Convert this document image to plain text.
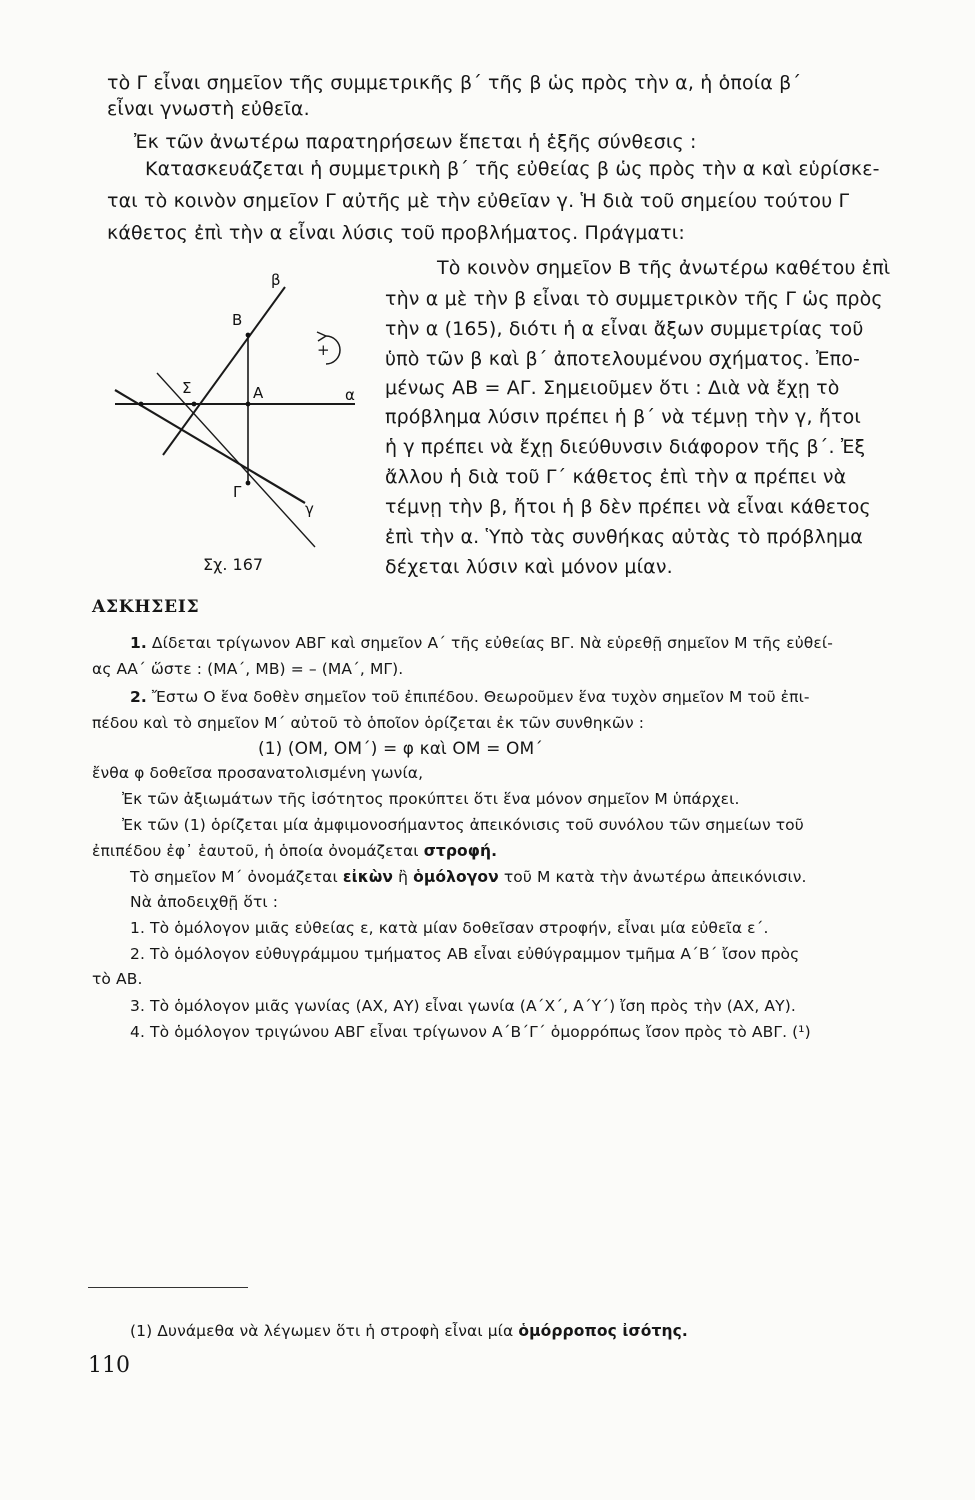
τὸ Γ εἶναι σημεῖον τῆς συμμετρικῆς β΄ τῆς β ὡς πρὸς τὴν α, ἡ ὁποία β΄
εἶναι γνωστὴ εὐθεῖα.
Ἐκ τῶν ἀνωτέρω παρατηρήσεων ἕπεται ἡ ἑξῆς σύνθεσις :
Κατασκευάζεται ἡ συμμετρικὴ β΄ τῆς εὐθείας β ὡς πρὸς τὴν α καὶ εὑρίσκε-
ται τὸ κοινὸν σημεῖον Γ αὐτῆς μὲ τὴν εὐθεῖαν γ. Ἡ διὰ τοῦ σημείου τούτου Γ
κάθετος ἐπὶ τὴν α εἶναι λύσις τοῦ προβλήματος. Πράγματι:
Τὸ κοινὸν σημεῖον Β τῆς ἀνωτέρω καθέτου ἐπὶ
τὴν α μὲ τὴν β εἶναι τὸ συμμετρικὸν τῆς Γ ὡς πρὸς
τὴν α (165), διότι ἡ α εἶναι ἄξων συμμετρίας τοῦ
ὑπὸ τῶν β καὶ β΄ ἀποτελουμένου σχήματος. Ἐπο-
μένως ΑΒ = ΑΓ. Σημειοῦμεν ὅτι : Διὰ νὰ ἔχῃ τὸ
πρόβλημα λύσιν πρέπει ἡ β΄ νὰ τέμνῃ τὴν γ, ἤτοι
ἡ γ πρέπει νὰ ἔχῃ διεύθυνσιν διάφορον τῆς β΄. Ἐξ
ἄλλου ἡ διὰ τοῦ Γ΄ κάθετος ἐπὶ τὴν α πρέπει νὰ
τέμνῃ τὴν β, ἤτοι ἡ β δὲν πρέπει νὰ εἶναι κάθετος
ἐπὶ τὴν α. Ὑπὸ τὰς συνθήκας αὐτὰς τὸ πρόβλημα
δέχεται λύσιν καὶ μόνον μίαν.
β
Β
+
Σ	Α	α
Γ
γ
Σχ. 167
ΑΣΚΗΣΕΙΣ
1. Δίδεται τρίγωνον ΑΒΓ καὶ σημεῖον Α΄ τῆς εὐθείας ΒΓ. Νὰ εὑρεθῇ σημεῖον Μ τῆς εὐθεί-
ας ΑΑ΄ ὥστε : (ΜΑ΄, ΜΒ) = – (ΜΑ΄, ΜΓ).
2. Ἔστω Ο ἕνα δοθὲν σημεῖον τοῦ ἐπιπέδου. Θεωροῦμεν ἕνα τυχὸν σημεῖον Μ τοῦ ἐπι-
πέδου καὶ τὸ σημεῖον Μ΄ αὐτοῦ τὸ ὁποῖον ὁρίζεται ἐκ τῶν συνθηκῶν :
(1) (ΟΜ, ΟΜ΄) = φ καὶ ΟΜ = ΟΜ΄
ἔνθα φ δοθεῖσα προσανατολισμένη γωνία,
Ἐκ τῶν ἀξιωμάτων τῆς ἰσότητος προκύπτει ὅτι ἕνα μόνον σημεῖον Μ ὑπάρχει.
Ἐκ τῶν (1) ὁρίζεται μία ἀμφιμονοσήμαντος ἀπεικόνισις τοῦ συνόλου τῶν σημείων τοῦ
ἐπιπέδου ἐφ᾿ ἑαυτοῦ, ἡ ὁποία ὀνομάζεται στροφή.
Τὸ σημεῖον Μ΄ ὀνομάζεται εἰκὼν ἢ ὁμόλογον τοῦ Μ κατὰ τὴν ἀνωτέρω ἀπεικόνισιν.
Νὰ ἀποδειχθῇ ὅτι :
1. Τὸ ὁμόλογον μιᾶς εὐθείας ε, κατὰ μίαν δοθεῖσαν στροφήν, εἶναι μία εὐθεῖα ε΄.
2. Τὸ ὁμόλογον εὐθυγράμμου τμήματος ΑΒ εἶναι εὐθύγραμμον τμῆμα Α΄Β΄ ἴσον πρὸς
τὸ ΑΒ.
3. Τὸ ὁμόλογον μιᾶς γωνίας (ΑΧ, ΑΥ) εἶναι γωνία (Α΄Χ΄, Α΄Υ΄) ἴση πρὸς τὴν (ΑΧ, ΑΥ).
4. Τὸ ὁμόλογον τριγώνου ΑΒΓ εἶναι τρίγωνον Α΄Β΄Γ΄ ὁμορρόπως ἴσον πρὸς τὸ ΑΒΓ. (¹)
(1) Δυνάμεθα νὰ λέγωμεν ὅτι ἡ στροφὴ εἶναι μία ὁμόρροπος ἰσότης.
110
